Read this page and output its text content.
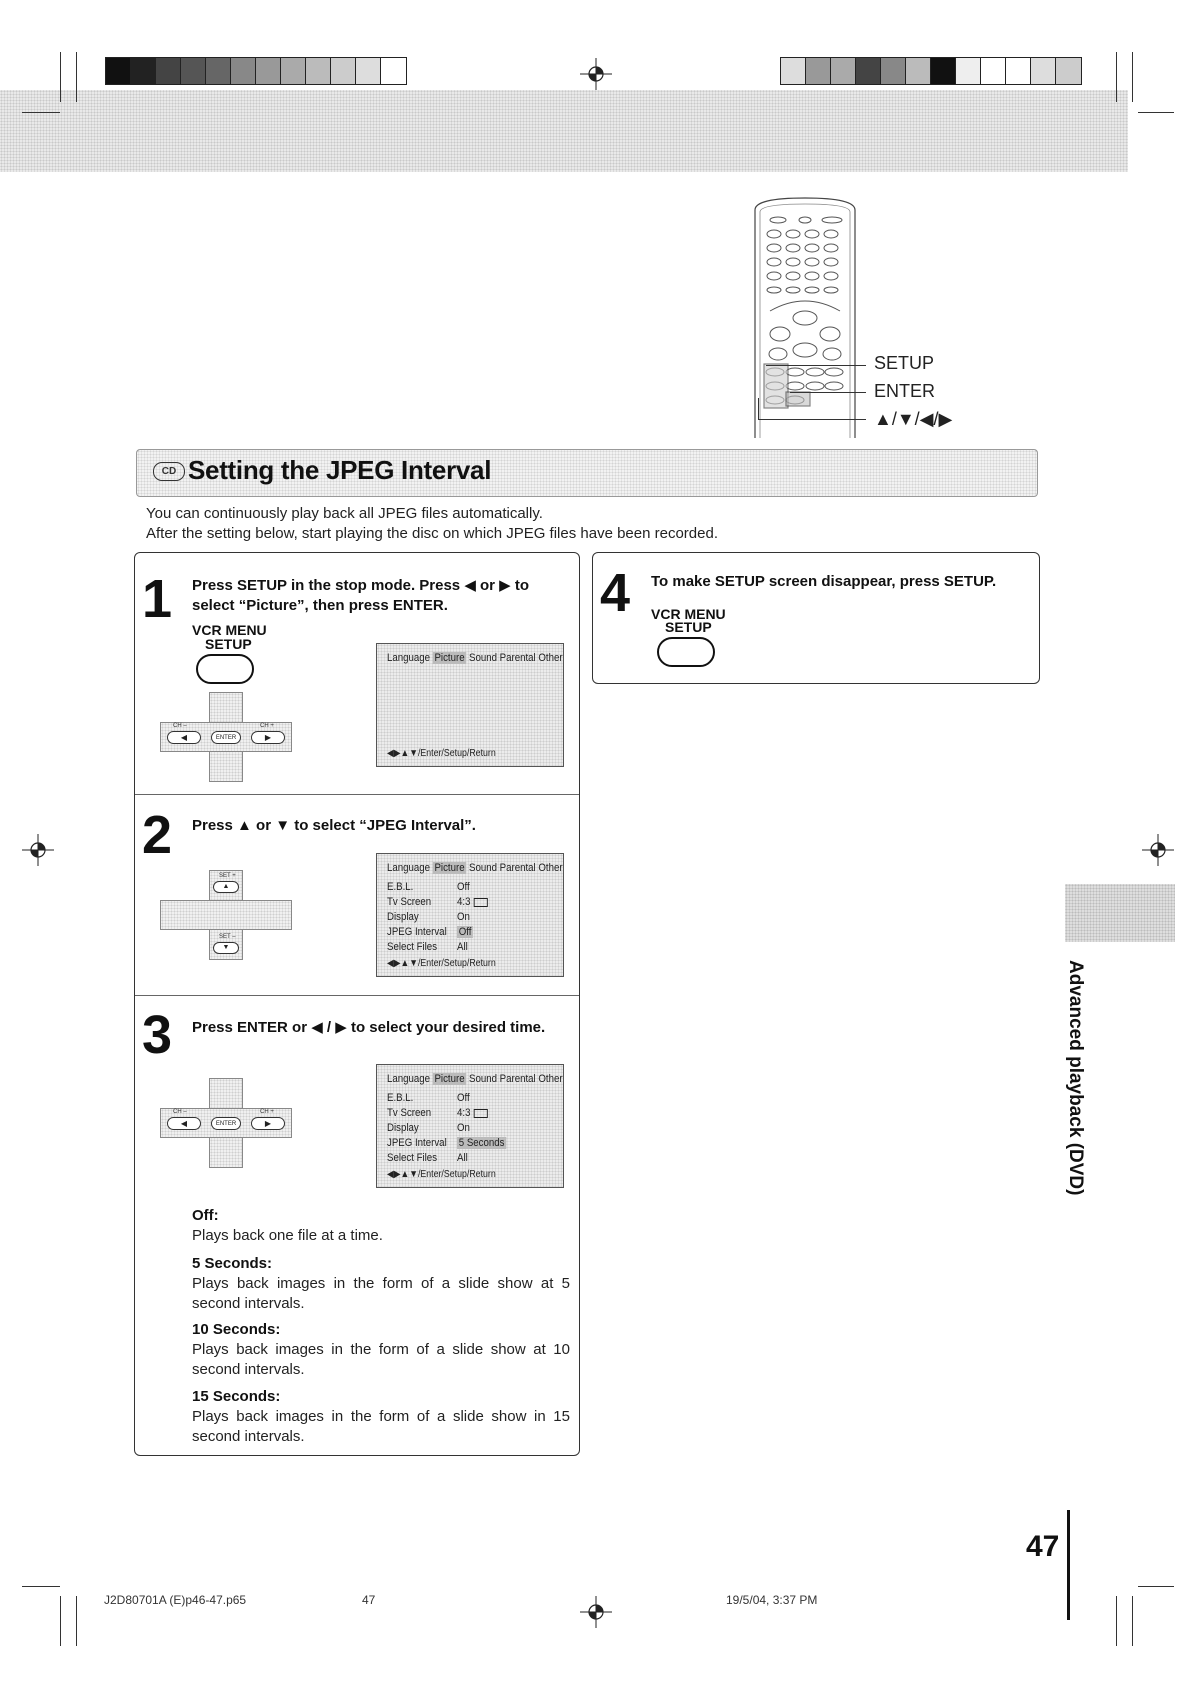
SETUP
ENTER
▲/▼/◀/▶
CD Setting the JPEG Interval
You can continuously play back all JPEG files automatically.
After the setting below, start playing the disc on which JPEG files have been recorded.
1 Press SETUP in the stop mode. Press ◀ or ▶ to
select “Picture”, then press ENTER.
VCR MENU
SETUP
◀	ENTER	▶
CH –	CH +
Language Picture Sound Parental Other
◀▶▲▼/Enter/Setup/Return
2 Press ▲ or ▼ to select “JPEG Interval”.
SET +
▲
SET –
▼
Language Picture Sound Parental Other
E.B.L.	Off
Tv Screen 4:3
Display	On
JPEG Interval Off
Select Files All
◀▶▲▼/Enter/Setup/Return
3 Press ENTER or ◀ / ▶ to select your desired time.
◀	ENTER	▶
CH –	CH +
Language Picture Sound Parental Other
E.B.L.	Off
Tv Screen 4:3
Display	On
JPEG Interval 5 Seconds
Select Files All
◀▶▲▼/Enter/Setup/Return
Off:
Plays back one file at a time.
5 Seconds:
Plays back images in the form of a slide show at 5
second intervals.
10 Seconds:
Plays back images in the form of a slide show at 10
second intervals.
15 Seconds:
Plays back images in the form of a slide show in 15
second intervals.
4 To make SETUP screen disappear, press SETUP.
VCR MENU
SETUP
Advanced playback (DVD)
47
J2D80701A (E)p46-47.p65	47	19/5/04, 3:37 PM
